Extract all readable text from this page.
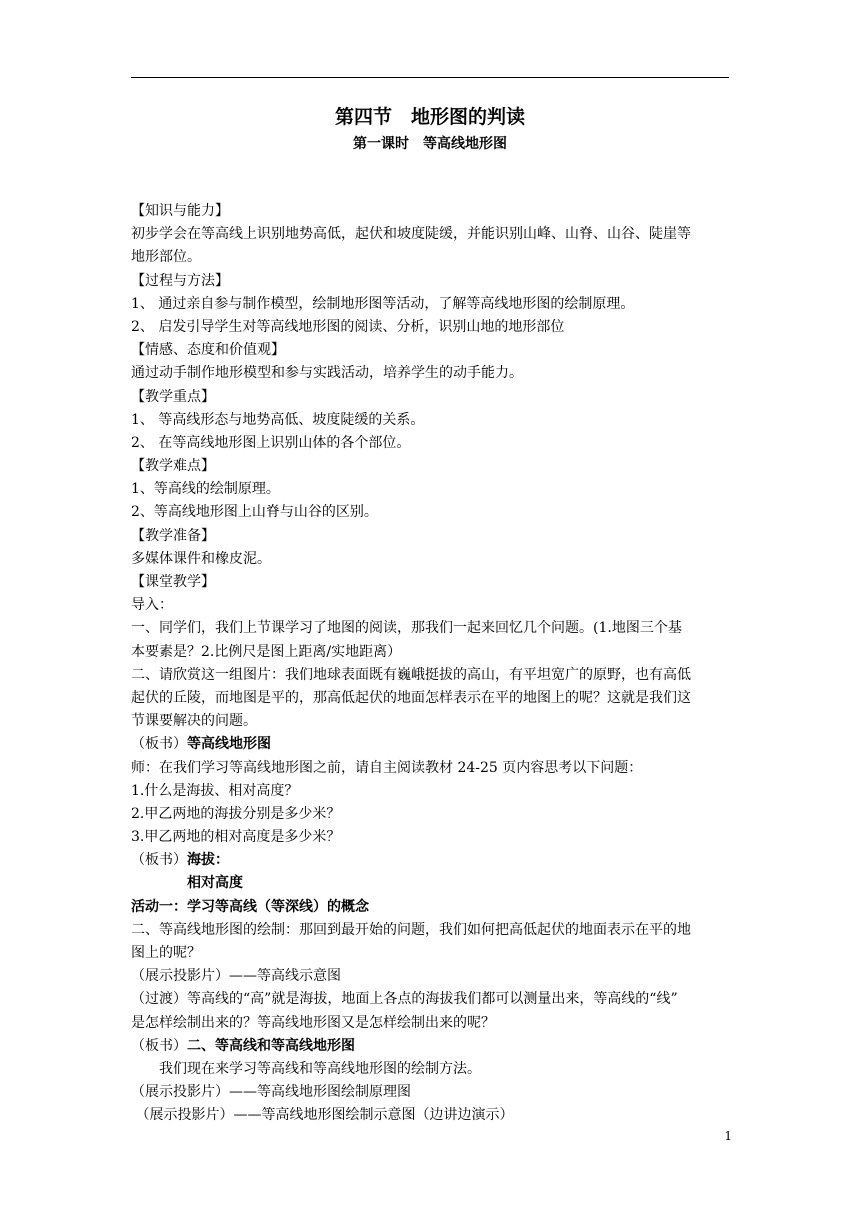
第四节　地形图的判读
第一课时　等高线地形图
【知识与能力】
初步学会在等高线上识别地势高低，起伏和坡度陡缓，并能识别山峰、山脊、山谷、陡崖等
地形部位。
【过程与方法】
1、 通过亲自参与制作模型，绘制地形图等活动，了解等高线地形图的绘制原理。
2、 启发引导学生对等高线地形图的阅读、分析，识别山地的地形部位
【情感、态度和价值观】
通过动手制作地形模型和参与实践活动，培养学生的动手能力。
【教学重点】
1、 等高线形态与地势高低、坡度陡缓的关系。
2、 在等高线地形图上识别山体的各个部位。
【教学难点】
1、等高线的绘制原理。
2、等高线地形图上山脊与山谷的区别。
【教学准备】
多媒体课件和橡皮泥。
【课堂教学】
导入：
一、同学们，我们上节课学习了地图的阅读，那我们一起来回忆几个问题。(1.地图三个基
本要素是？2.比例尺是图上距离/实地距离）
二、请欣赏这一组图片：我们地球表面既有巍峨挺拔的高山，有平坦宽广的原野，也有高低
起伏的丘陵，而地图是平的，那高低起伏的地面怎样表示在平的地图上的呢？这就是我们这
节课要解决的问题。
（板书）等高线地形图
师：在我们学习等高线地形图之前，请自主阅读教材 24-25 页内容思考以下问题：
1.什么是海拔、相对高度？
2.甲乙两地的海拔分别是多少米？
3.甲乙两地的相对高度是多少米？
（板书）海拔：
　　　　相对高度
活动一：学习等高线（等深线）的概念
二、等高线地形图的绘制：那回到最开始的问题，我们如何把高低起伏的地面表示在平的地
图上的呢？
（展示投影片）——等高线示意图
（过渡）等高线的“高”就是海拔，地面上各点的海拔我们都可以测量出来，等高线的“线”
是怎样绘制出来的？等高线地形图又是怎样绘制出来的呢？
（板书）二、等高线和等高线地形图
　　我们现在来学习等高线和等高线地形图的绘制方法。
（展示投影片）——等高线地形图绘制原理图
（展示投影片）——等高线地形图绘制示意图（边讲边演示）
1
